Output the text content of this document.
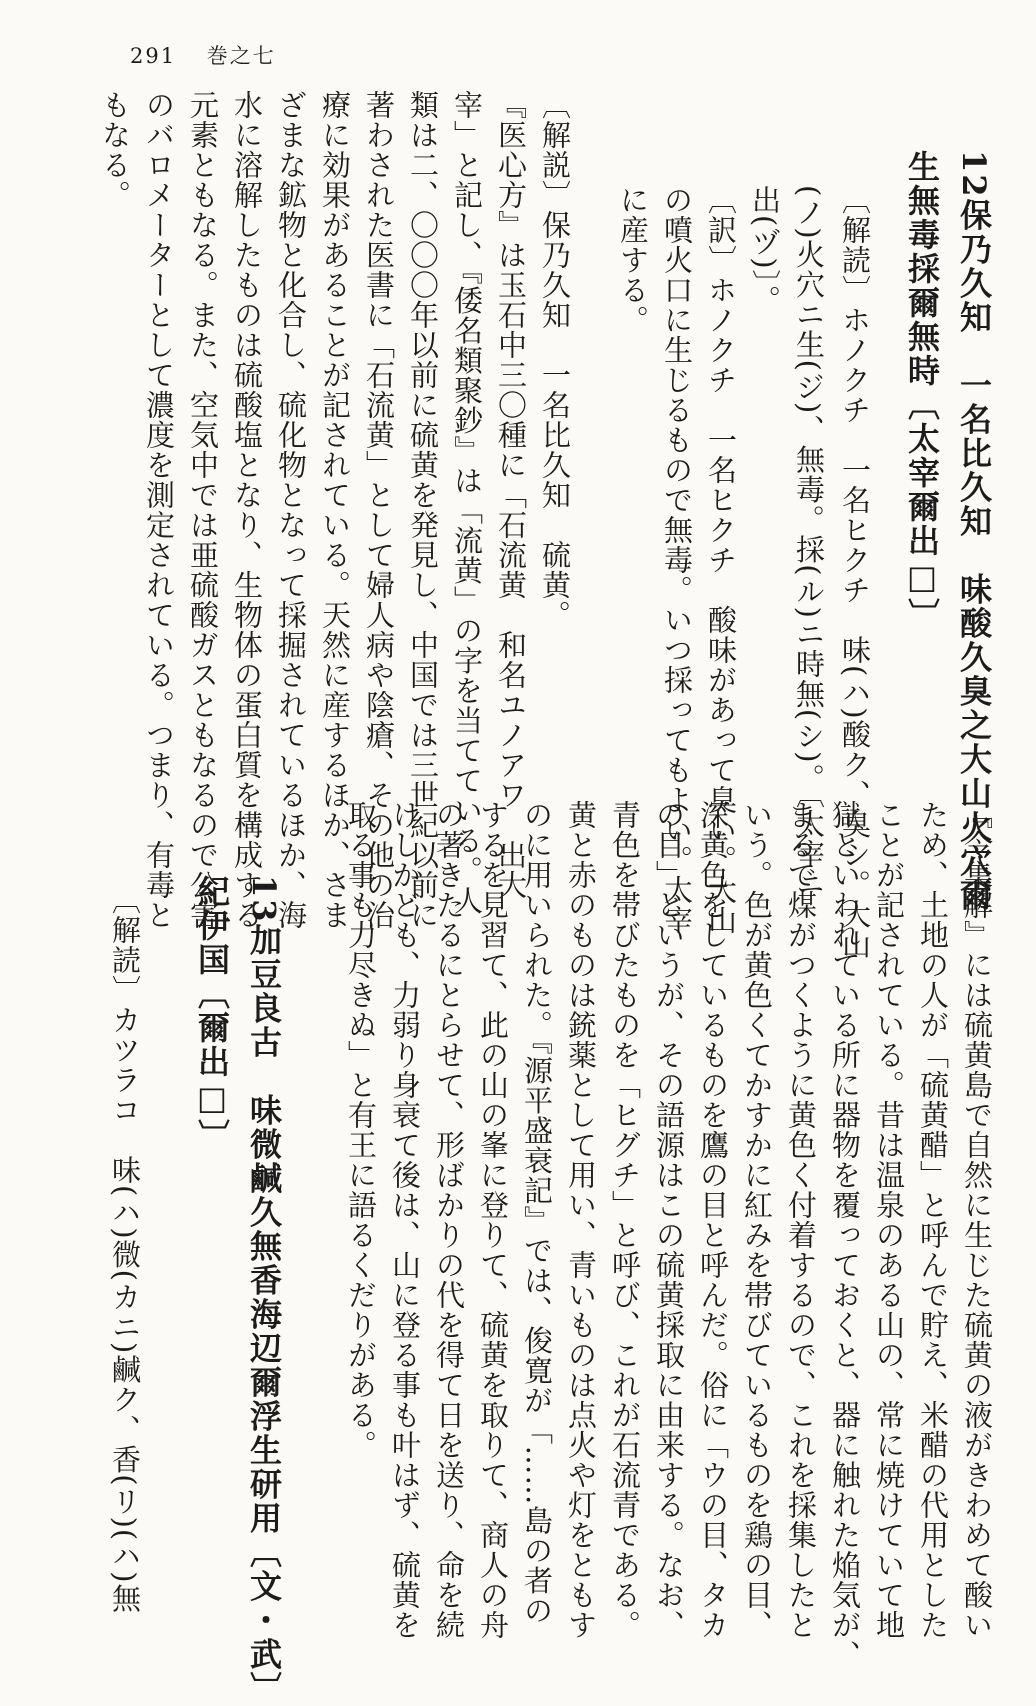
291 巻之七
12保乃久知　一名比久知　味酸久臭之大山火穴爾
生無毒採爾無時〔太宰爾出□〕
〔解読〕ホノクチ　一名ヒクチ　味(ハ)酸ク、臭シ。大山
(ノ)火穴ニ生(ジ)、無毒。採(ル)ニ時無(シ)。〔太宰ニ
出(ヅ)〕。
〔訳〕ホノクチ　一名ヒクチ　酸味があって臭い。大山
の噴火口に生じるもので無毒。いつ採ってもよい。太宰
に産する。
〔解説〕保乃久知　一名比久知　硫黄。
『医心方』は玉石中三〇種に「石流黄　和名ユノアワ　出大
宰」と記し、『倭名類聚鈔』は「流黄」の字を当てている。人
類は二、〇〇〇年以前に硫黄を発見し、中国では三世紀以前に
著わされた医書に「石流黄」として婦人病や陰瘡、その他の治
療に効果があることが記されている。天然に産するほか、さま
ざまな鉱物と化合し、硫化物となって採掘されているほか、海
水に溶解したものは硫酸塩となり、生物体の蛋白質を構成する
元素ともなる。また、空気中では亜硫酸ガスともなるので公害
のバロメーターとして濃度を測定されている。つまり、有毒と
もなる。
『令集解』には硫黄島で自然に生じた硫黄の液がきわめて酸い
ため、土地の人が「硫黄醋」と呼んで貯え、米醋の代用とした
ことが記されている。昔は温泉のある山の、常に焼けていて地
獄といわれている所に器物を覆っておくと、器に触れた焔気が、
まるで煤がつくように黄色く付着するので、これを採集したと
いう。色が黄色くてかすかに紅みを帯びているものを鶏の目、
深黄色をしているものを鷹の目と呼んだ。俗に「ウの目、タカ
の目」というが、その語源はこの硫黄採取に由来する。なお、
青色を帯びたものを「ヒグチ」と呼び、これが石流青である。
黄と赤のものは銃薬として用い、青いものは点火や灯をともす
のに用いられた。『源平盛衰記』では、俊寛が「……島の者の
するを見習て、此の山の峯に登りて、硫黄を取りて、商人の舟
の著きたるにとらせて、形ばかりの代を得て日を送り、命を続
けしかども、力弱り身衰て後は、山に登る事も叶はず、硫黄を
取る事も力尽きぬ」と有王に語るくだりがある。
13加豆良古　味微鹹久無香海辺爾浮生研用〔文・武〕
紀伊国〔爾出□〕
〔解読〕カツラコ　味(ハ)微(カニ)鹹ク、香(リ)(ハ)無
